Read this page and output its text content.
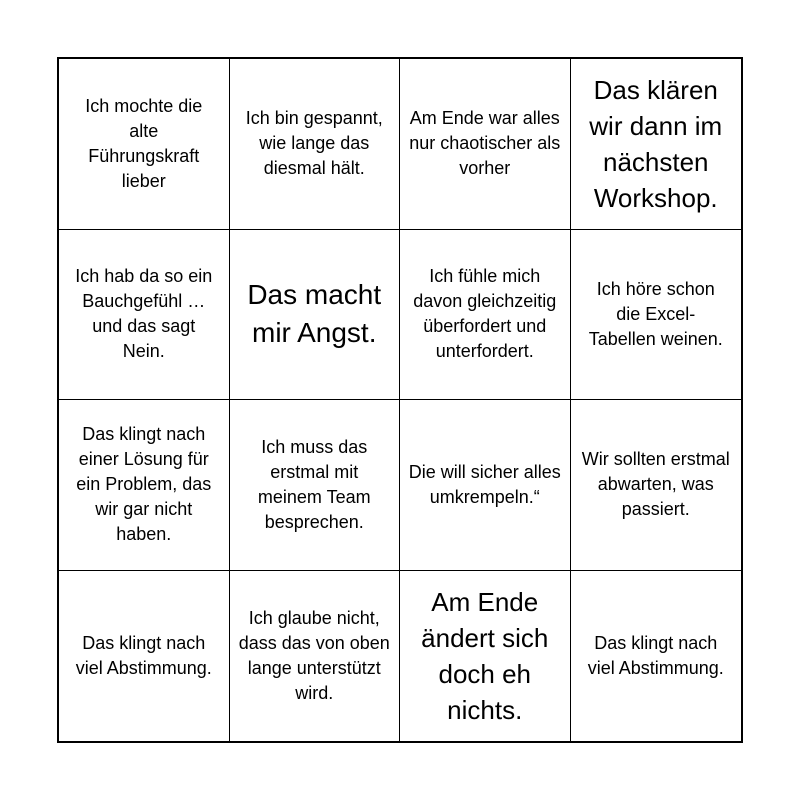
Ich mochte die alte Führungskraft lieber
Ich bin gespannt, wie lange das diesmal hält.
Am Ende war alles nur chaotischer als vorher
Das klären wir dann im nächsten Workshop.
Ich hab da so ein Bauchgefühl … und das sagt Nein.
Das macht mir Angst.
Ich fühle mich davon gleichzeitig überfordert und unterfordert.
Ich höre schon die Excel-Tabellen weinen.
Das klingt nach einer Lösung für ein Problem, das wir gar nicht haben.
Ich muss das erstmal mit meinem Team besprechen.
Die will sicher alles umkrempeln.“
Wir sollten erstmal abwarten, was passiert.
Das klingt nach viel Abstimmung.
Ich glaube nicht, dass das von oben lange unterstützt wird.
Am Ende ändert sich doch eh nichts.
Das klingt nach viel Abstimmung.
